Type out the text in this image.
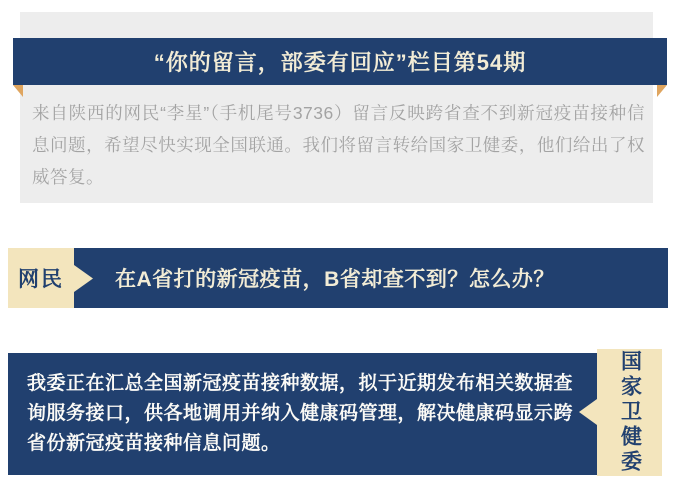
“你的留言，部委有回应”栏目第54期
来自陕西的网民“李星”（手机尾号3736）留言反映跨省查不到新冠疫苗接种信息问题，希望尽快实现全国联通。我们将留言转给国家卫健委，他们给出了权威答复。
网民 在A省打的新冠疫苗，B省却查不到？怎么办？
我委正在汇总全国新冠疫苗接种数据，拟于近期发布相关数据查询服务接口，供各地调用并纳入健康码管理，解决健康码显示跨省份新冠疫苗接种信息问题。	国家卫健委
